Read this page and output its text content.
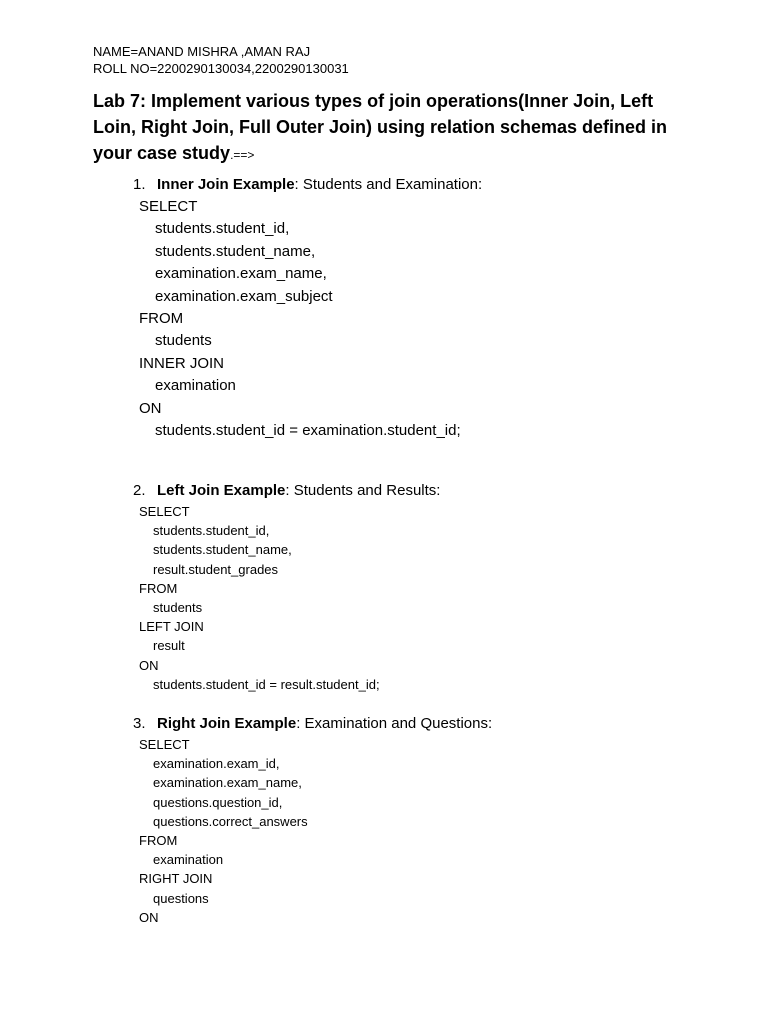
NAME=ANAND MISHRA ,AMAN RAJ
ROLL NO=2200290130034,2200290130031
Lab 7: Implement various types of join operations(Inner Join, Left Loin, Right Join, Full Outer Join) using relation schemas defined in your case study.==>
1. Inner Join Example: Students and Examination:
SELECT
students.student_id,
students.student_name,
examination.exam_name,
examination.exam_subject
FROM
students
INNER JOIN
examination
ON
students.student_id = examination.student_id;
2. Left Join Example: Students and Results:
SELECT
students.student_id,
students.student_name,
result.student_grades
FROM
students
LEFT JOIN
result
ON
students.student_id = result.student_id;
3. Right Join Example: Examination and Questions:
SELECT
examination.exam_id,
examination.exam_name,
questions.question_id,
questions.correct_answers
FROM
examination
RIGHT JOIN
questions
ON
